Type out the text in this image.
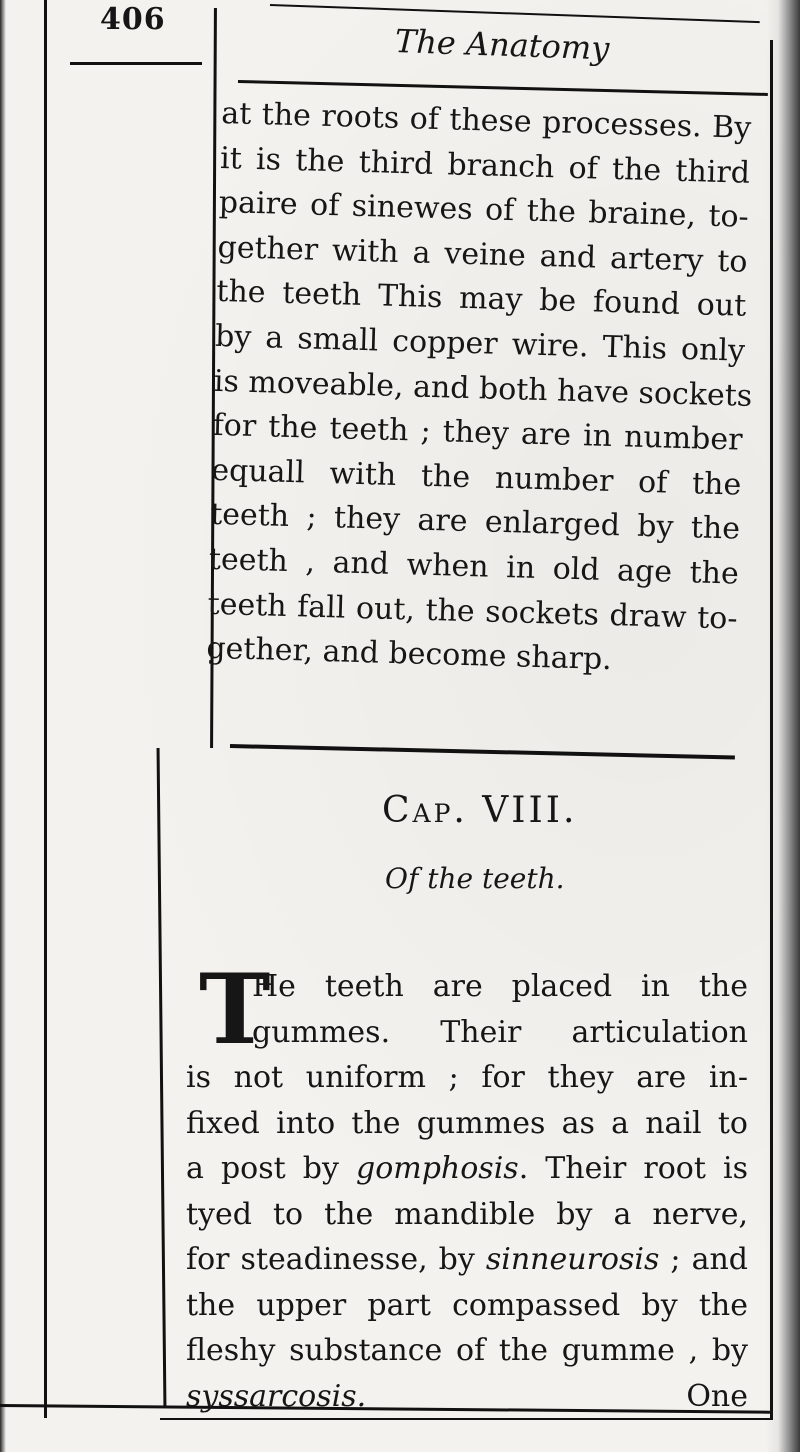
406
The Anatomy
at the roots of these processes. By
it is the third branch of the third
paire of sinewes of the braine, to-
gether with a veine and artery to
the teeth This may be found out
by a small copper wire. This only
is moveable, and both have sockets
for the teeth ; they are in number
equall with the number of the
teeth ; they are enlarged by the
teeth , and when in old age the
teeth fall out, the sockets draw to-
gether, and become sharp.
Cap. VIII.
Of the teeth.
T
He teeth are placed in the
gummes. Their articulation
is not uniform ; for they are in-
fixed into the gummes as a nail to
a post by gomphosis. Their root is
tyed to the mandible by a nerve,
for steadinesse, by sinneurosis ; and
the upper part compassed by the
fleshy substance of the gumme , by
syssarcosis.	One
